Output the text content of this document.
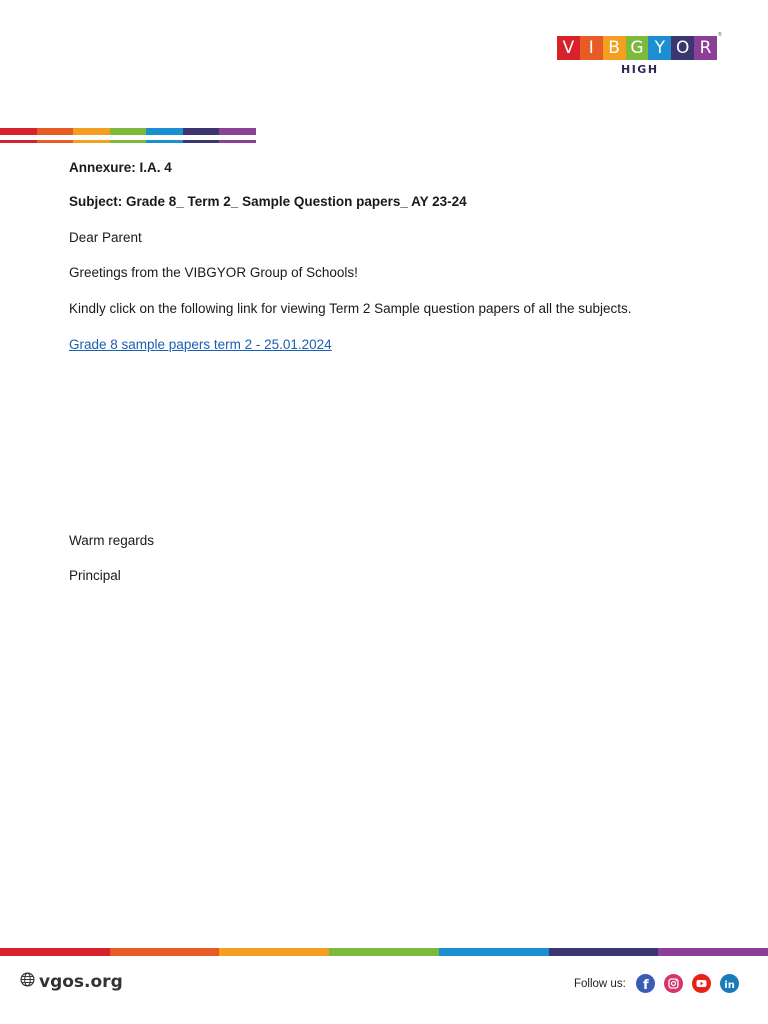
V I B G Y O R
HIGH
®
Annexure: I.A. 4
Subject: Grade 8_ Term 2_ Sample Question papers_ AY 23-24
Dear Parent
Greetings from the VIBGYOR Group of Schools!
Kindly click on the following link for viewing Term 2 Sample question papers of all the subjects.
Grade 8 sample papers term 2 - 25.01.2024
Warm regards
Principal
vgos.org	Follow us: f	in
